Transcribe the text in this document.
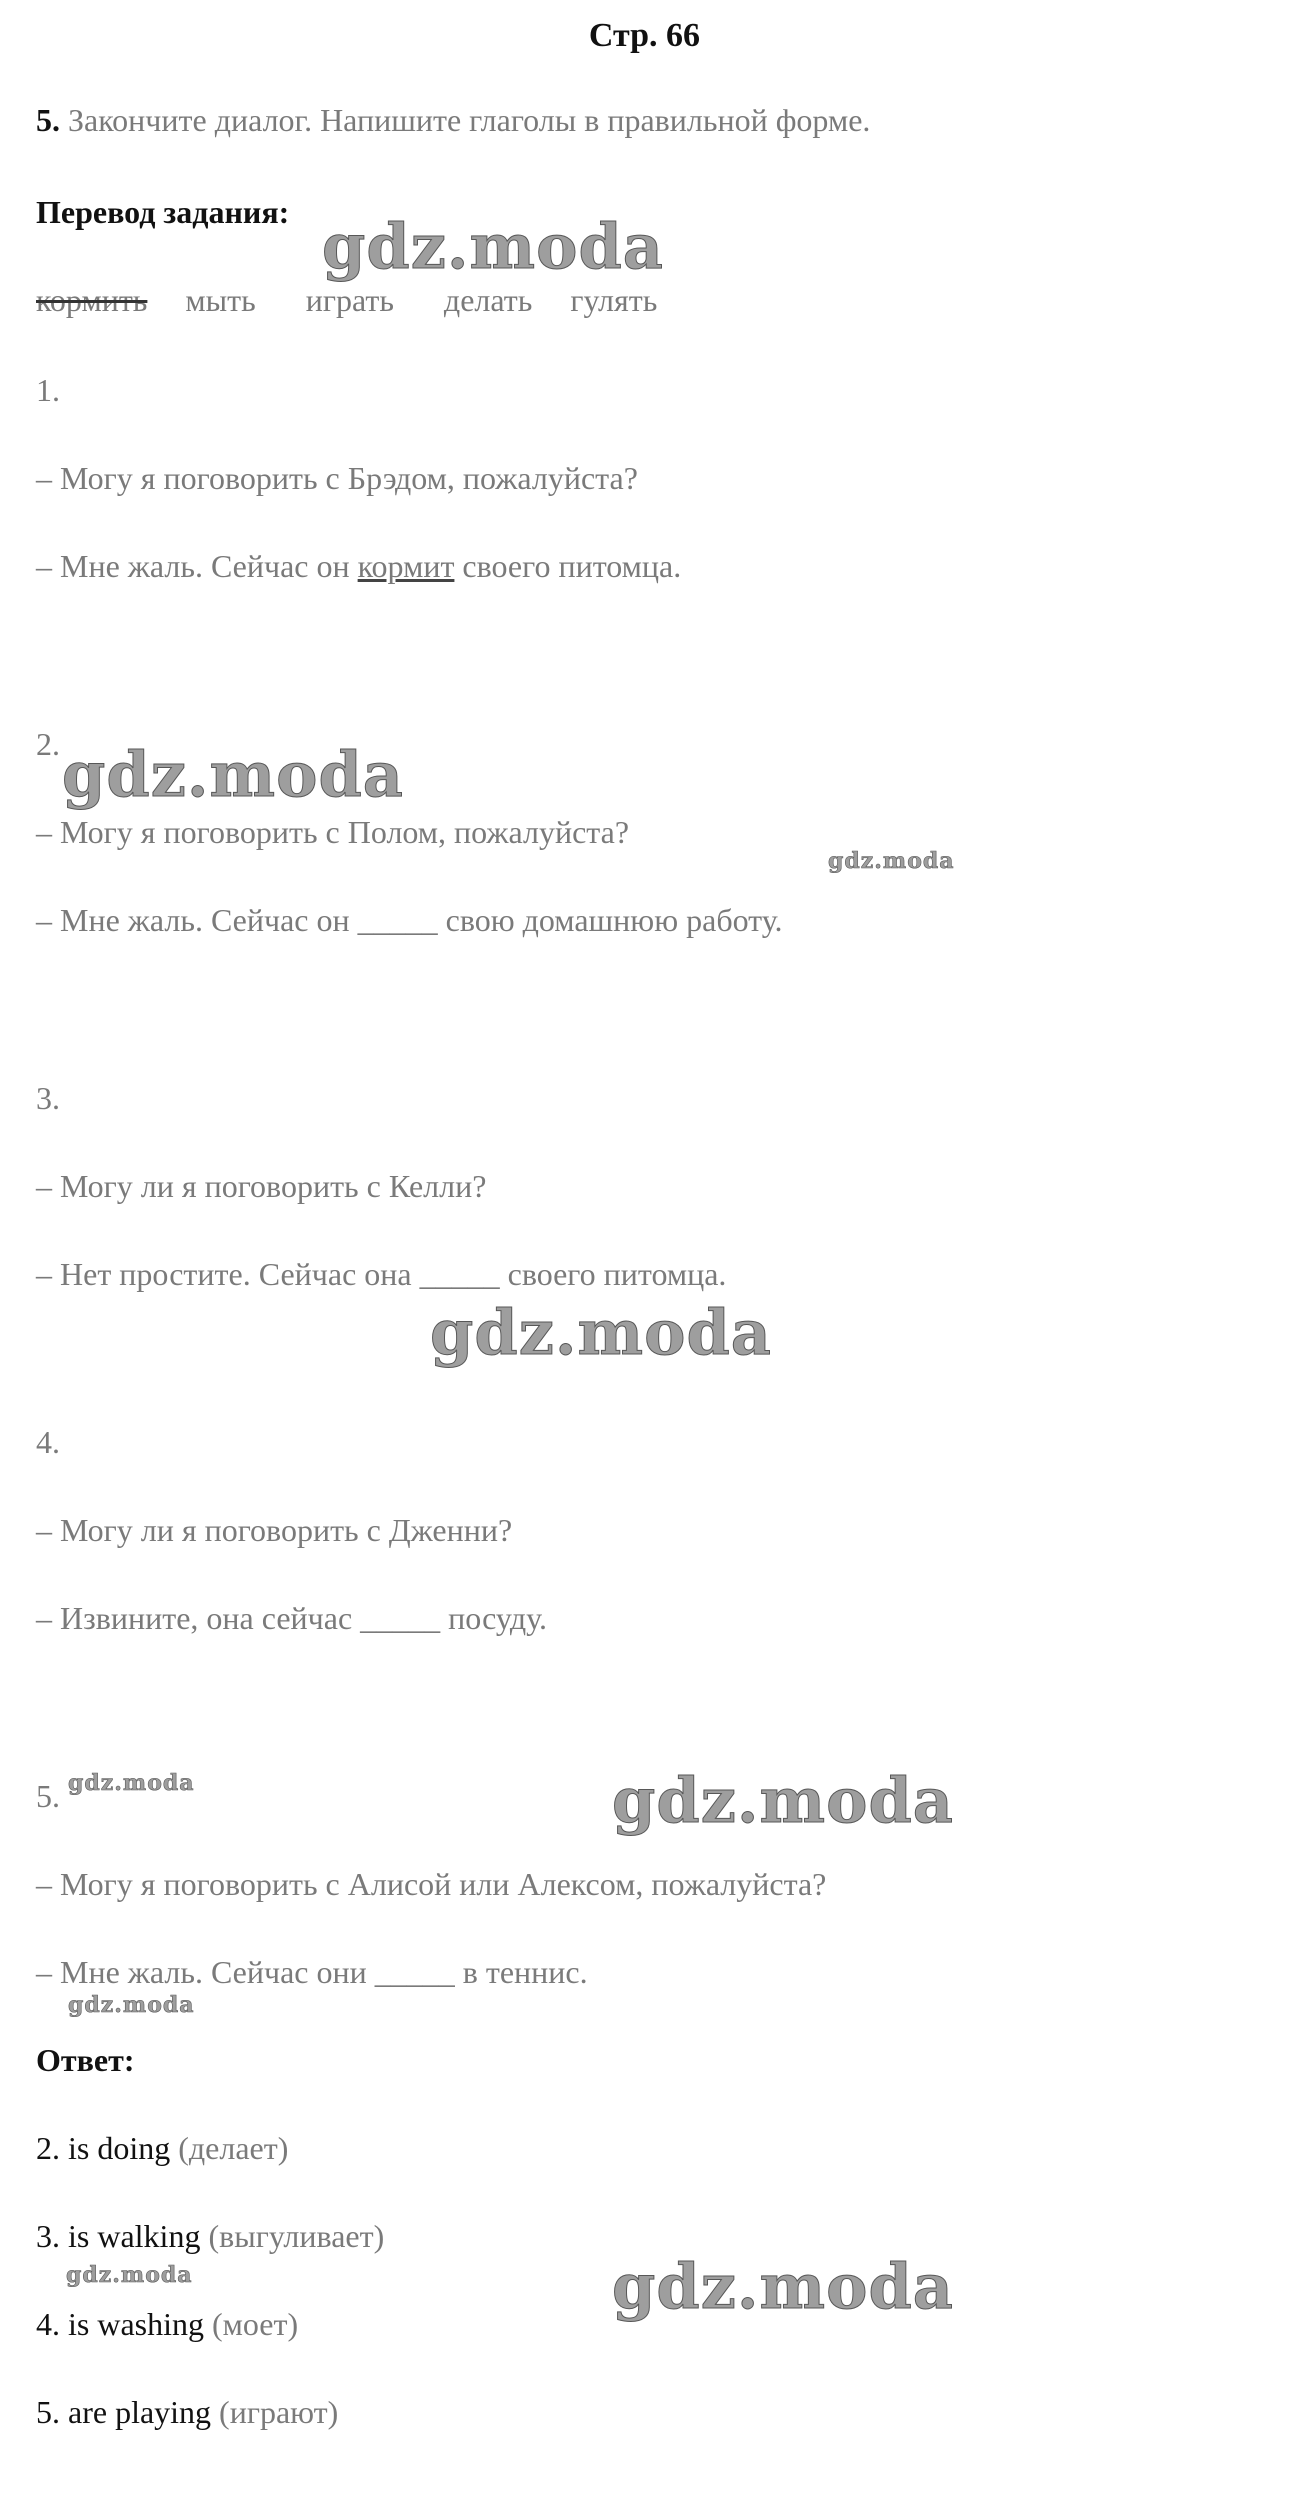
Стр. 66
5. Закончите диалог. Напишите глаголы в правильной форме.
Перевод задания:
кормить мыть играть делать гулять
1.
– Могу я поговорить с Брэдом, пожалуйста?
– Мне жаль. Сейчас он кормит своего питомца.
2.
– Могу я поговорить с Полом, пожалуйста?
– Мне жаль. Сейчас он _____ свою домашнюю работу.
3.
– Могу ли я поговорить с Келли?
– Нет простите. Сейчас она _____ своего питомца.
4.
– Могу ли я поговорить с Дженни?
– Извините, она сейчас _____ посуду.
5.
– Могу я поговорить с Алисой или Алексом, пожалуйста?
– Мне жаль. Сейчас они _____ в теннис.
Ответ:
2. is doing (делает)
3. is walking (выгуливает)
4. is washing (моет)
5. are playing (играют)
gdz.moda
gdz.moda
gdz.moda
gdz.moda
gdz.moda	gdz.moda
gdz.moda
gdz.moda	gdz.moda
